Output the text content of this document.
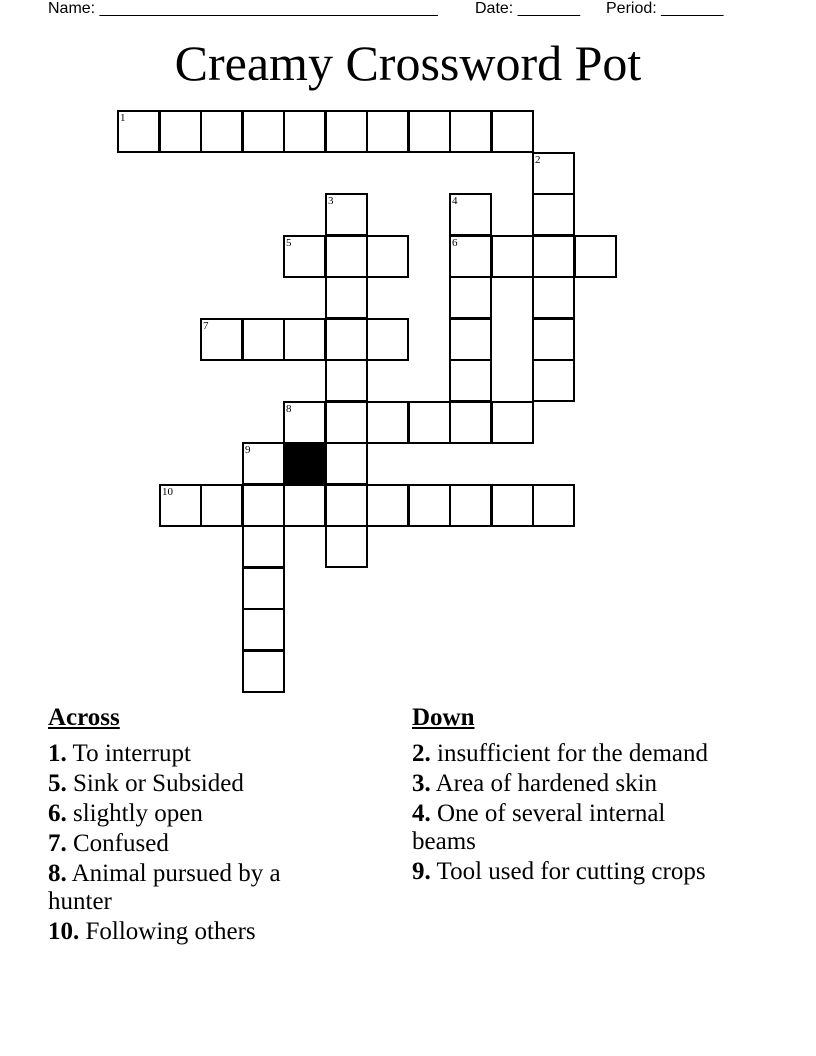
Name: ______________________________________ Date: _______ Period: _______
Creamy Crossword Pot
1
2
3	4
5	6
7
8
9
10
Across
1. To interrupt
5. Sink or Subsided
6. slightly open
7. Confused
8. Animal pursued by a hunter
10. Following others
Down
2. insufficient for the demand
3. Area of hardened skin
4. One of several internal beams
9. Tool used for cutting crops
